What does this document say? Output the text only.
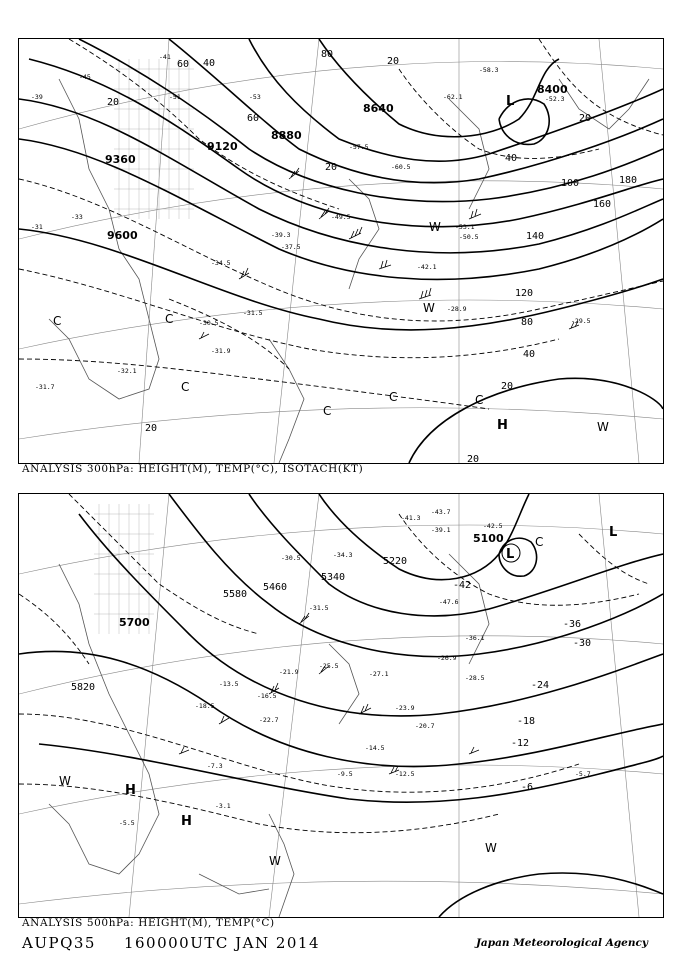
9360
9120
8880
8640
8400
9600
20
20
40
40
60
60
80
80
100
120
140
160
180
20
20
40
20
20
20
L
H
C	C
C
C
C	C
W
W
W
-39
-41
-45
-51	-53
-31
-33
-34.5
-39.3
-42.1
-37.5
-49.5
-50.5
-53.1
-31.9
-31.7
-32.1
-30.5
-31.5	-28.9
-29.5
-58.3
-52.3
-62.1
-57.5
-60.5
ANALYSIS 300hPa: HEIGHT(M), TEMP(°C), ISOTACH(KT)
5700
5820
5460
5580
5340
5220
5100
-42
-36
-30
-24
-18
-12
-6
L
L
H
H
W
W
W
C
-43.7
-41.3
-39.1	-42.5
-47.6
-36.1
-26.9
-28.5
-23.9
-20.7
-14.5
-12.5	-5.7
-9.5
-7.3
-3.1
-5.5
-13.5
-16.5
-21.9
-25.5
-27.1
-30.5
-31.5
-34.3
-18.5
-22.7
ANALYSIS 500hPa: HEIGHT(M), TEMP(°C)
AUPQ35 160000UTC JAN 2014	Japan Meteorological Agency
